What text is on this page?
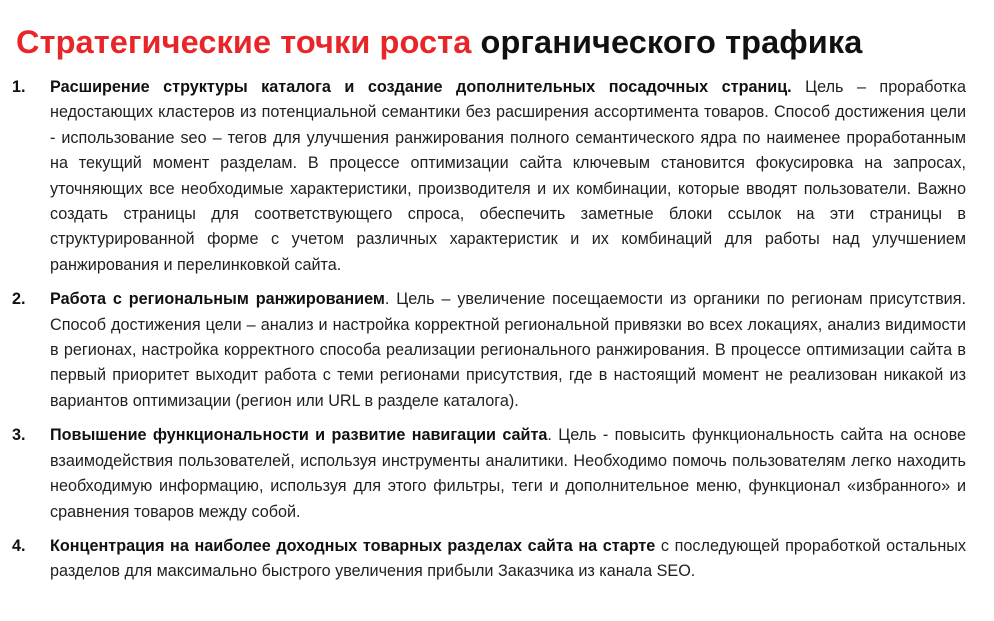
Стратегические точки роста органического трафика
1. Расширение структуры каталога и создание дополнительных посадочных страниц. Цель – проработка недостающих кластеров из потенциальной семантики без расширения ассортимента товаров. Способ достижения цели - использование seo – тегов для улучшения ранжирования полного семантического ядра по наименее проработанным на текущий момент разделам. В процессе оптимизации сайта ключевым становится фокусировка на запросах, уточняющих все необходимые характеристики, производителя и их комбинации, которые вводят пользователи. Важно создать страницы для соответствующего спроса, обеспечить заметные блоки ссылок на эти страницы в структурированной форме с учетом различных характеристик и их комбинаций для работы над улучшением ранжирования и перелинковкой сайта.
2. Работа с региональным ранжированием. Цель – увеличение посещаемости из органики по регионам присутствия. Способ достижения цели – анализ и настройка корректной региональной привязки во всех локациях, анализ видимости в регионах, настройка корректного способа реализации регионального ранжирования. В процессе оптимизации сайта в первый приоритет выходит работа с теми регионами присутствия, где в настоящий момент не реализован никакой из вариантов оптимизации (регион или URL в разделе каталога).
3. Повышение функциональности и развитие навигации сайта. Цель - повысить функциональность сайта на основе взаимодействия пользователей, используя инструменты аналитики. Необходимо помочь пользователям легко находить необходимую информацию, используя для этого фильтры, теги и дополнительное меню, функционал «избранного» и сравнения товаров между собой.
4. Концентрация на наиболее доходных товарных разделах сайта на старте с последующей проработкой остальных разделов для максимально быстрого увеличения прибыли Заказчика из канала SEO.
